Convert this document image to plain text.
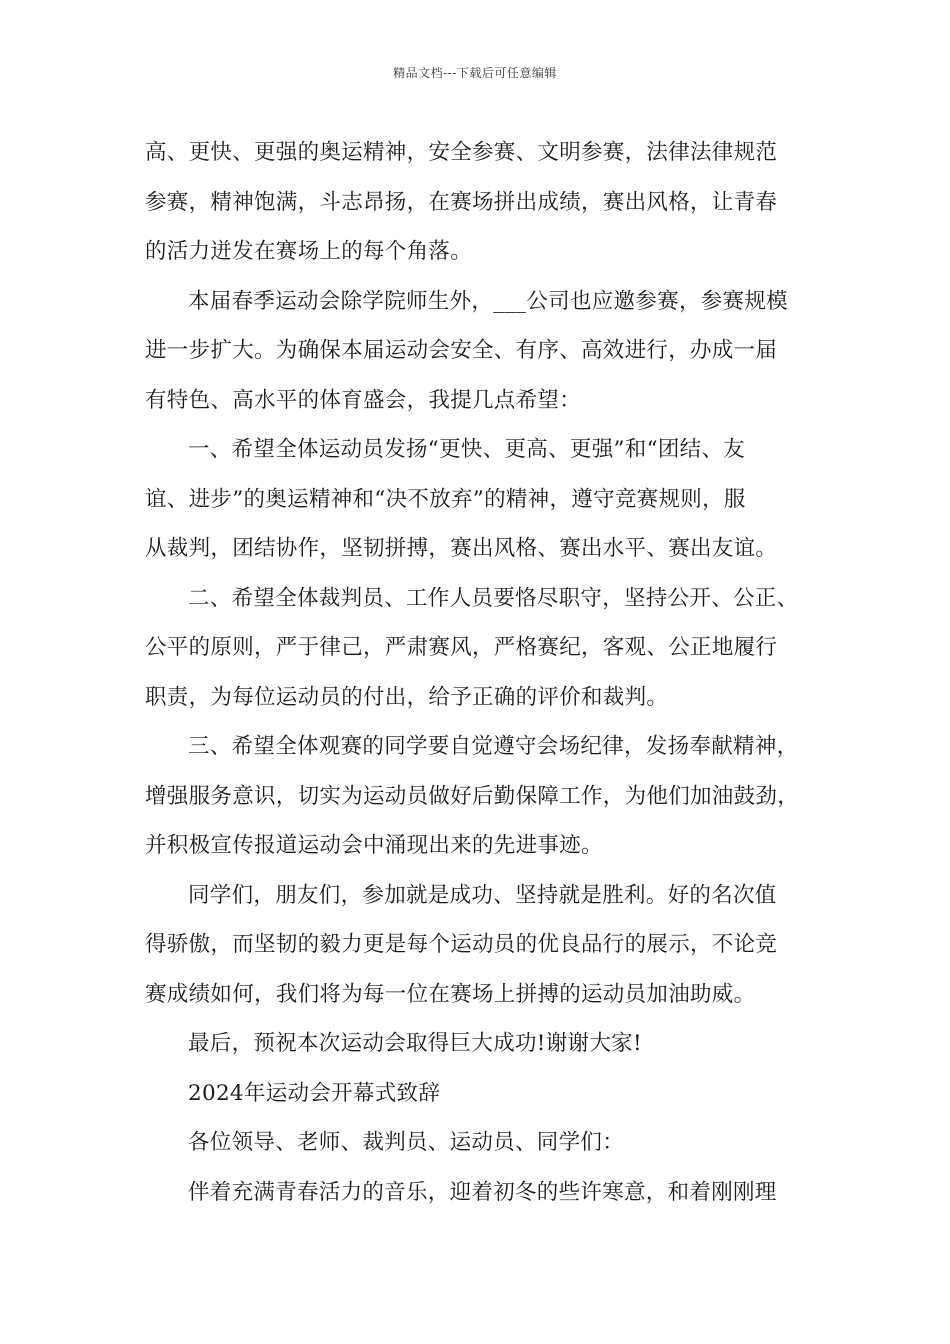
精品文档---下载后可任意编辑
高、更快、更强的奥运精神，安全参赛、文明参赛，法律法律规范
参赛，精神饱满，斗志昂扬，在赛场拼出成绩，赛出风格，让青春
的活力迸发在赛场上的每个角落。
本届春季运动会除学院师生外，___公司也应邀参赛，参赛规模
进一步扩大。为确保本届运动会安全、有序、高效进行，办成一届
有特色、高水平的体育盛会，我提几点希望：
一、希望全体运动员发扬“更快、更高、更强”和“团结、友
谊、进步”的奥运精神和“决不放弃”的精神，遵守竞赛规则，服
从裁判，团结协作，坚韧拼搏，赛出风格、赛出水平、赛出友谊。
二、希望全体裁判员、工作人员要恪尽职守，坚持公开、公正、
公平的原则，严于律己，严肃赛风，严格赛纪，客观、公正地履行
职责，为每位运动员的付出，给予正确的评价和裁判。
三、希望全体观赛的同学要自觉遵守会场纪律，发扬奉献精神，
增强服务意识，切实为运动员做好后勤保障工作，为他们加油鼓劲，
并积极宣传报道运动会中涌现出来的先进事迹。
同学们，朋友们，参加就是成功、坚持就是胜利。好的名次值
得骄傲，而坚韧的毅力更是每个运动员的优良品行的展示，不论竞
赛成绩如何，我们将为每一位在赛场上拼搏的运动员加油助威。
最后，预祝本次运动会取得巨大成功!谢谢大家!
2024年运动会开幕式致辞
各位领导、老师、裁判员、运动员、同学们：
伴着充满青春活力的音乐，迎着初冬的些许寒意，和着刚刚理
